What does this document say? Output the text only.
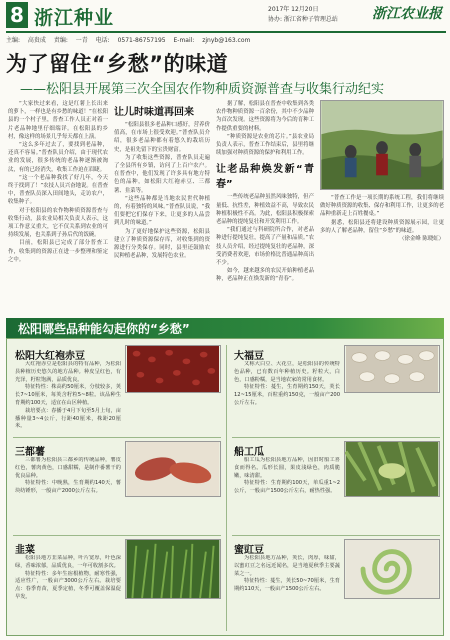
8 浙江种业	2017年 12月20日
协办: 浙江省种子管理总站 浙江农业报
主编: 高贵成 责编: 一青 电话: 0571-86757195 E-mail: zjnyb@163.com
为了留住“乡愁”的味道
——松阳县开展第三次全国农作物种质资源普查与收集行动纪实

“大家快过来看，这是红薯上长出来的萝卜，一样也是有乡愁的味道！”在松阳县的一个村子里，普查工作人员正对着一片老品种地里仔细端详。在松阳县的乡村，像这样的场景几乎每天都在上演。

“这么多年过去了，要找到老品种，还真不容易。”普查队员介绍，由于现代农业的发展，很多传统的老品种逐渐被淘汰，有的已经消失，收集工作迫在眉睫。

“这一个老品种我找了好几年，今天终于找到了！”农技人员兴奋地说。在普查中，普查队员深入田间地头，走访农户，收集种子。

对于松阳县的农作物种质资源普查与收集行动，县农业局相关负责人表示，这项工作意义重大，它不仅关系到农业的可持续发展，也关系到子孙后代的饭碗。

目前，松阳县已完成了部分普查工作，收集到的资源正在进一步整理和鉴定之中。

让儿时味道再回来

“松阳县很多老品种口感好，营养价值高，在市场上很受欢迎。”普查队员介绍，很多老品种都有着悠久的栽培历史，是祖先留下的宝贵财富。

为了收集这些资源，普查队员走遍了全县所有乡镇，访问了上百户农户。在普查中，他们发现了许多具有地方特色的品种，如松阳大红袍赤豆、三都薯、韭菜等。

“这些品种都是当地农民世代种植的，有着独特的风味。”普查队员说，“我们要把它们保存下来，让更多的人品尝到儿时的味道。”

为了更好地保护这些资源，松阳县建立了种质资源保存库，对收集到的资源进行分类保存。同时，县里还鼓励农民种植老品种，发展特色农业。

据了解，松阳县在普查中收集到各类农作物种质资源一百余份，其中不少品种为首次发现。这些资源将为今后的育种工作提供重要的材料。

“种质资源是农业的芯片。”县农业局负责人表示，普查工作结束后，县里将继续加强对种质资源的保护和利用工作。

让老品种焕发新“青春”

一些传统老品种虽然风味独特，但产量低、抗性差，种植效益不高，导致农民种植积极性不高。为此，松阳县积极探索老品种的提纯复壮和开发利用工作。

“我们通过与科研院所合作，对老品种进行提纯复壮，提高了产量和品质。”农技人员介绍，经过提纯复壮的老品种，深受消费者欢迎，市场价格比普通品种高出不少。

如今，越来越多的农民开始种植老品种，老品种正在焕发新的“青春”。

“普查工作是一项长期的系统工程，我们将继续做好种质资源的收集、保存和利用工作，让更多的老品种重新走上百姓餐桌。”

据悉，松阳县还将建设种质资源展示园，让更多的人了解老品种，留住“乡愁”的味道。

（徐金峰 陈晓虹）

松阳哪些品种能勾起你的“乡愁”
松阳大红袍赤豆

大红袍赤豆是松阳县的特有品种，为松阳县种植历史悠久的地方品种。种皮呈红色，有光泽，籽粒饱满，品质优良。

特征特性：株高约50厘米，分枝较多，荚长7~10厘米，每荚含籽粒5~8粒。该品种生育期约100天，适宜在山区种植。

栽培要点：春播于4月下旬至5月上旬，亩播种量3~4公斤，行距40厘米，株距20厘米。

大福豆

又称大白豆、大花豆，是松阳县的传统特色品种，已有数百年种植历史。籽粒大，白色，口感粉糯，是当地农家的常用食材。

特征特性：蔓生，生育期约150天，荚长12~15厘米，百粒重约150克，一般亩产200公斤左右。

三都薯

三都薯为松阳县三都乡的传统品种，薯皮红色，薯肉黄色，口感甜糯，是制作番薯干的优良品种。

特征特性：中晚熟，生育期约140天，薯块纺锤形，一般亩产2000公斤左右。

船工瓜

船工瓜为松阳县地方品种，因旧时船工喜食而得名。瓜形长圆，果皮浅绿色，肉质脆嫩，味清甜。

特征特性：生育期约100天，单瓜重1~2公斤，一般亩产1500公斤左右，耐热性强。

韭菜

松阳县地方韭菜品种，叶片宽厚，叶色深绿，香味浓郁，品质优良，一年可收割多次。

特征特性：多年生宿根植物，耐寒性强，适应性广，一般亩产3000公斤左右。栽培要点：春季育苗，夏季定植，冬季可覆盖保温促早发。

蜜豇豆

为松阳县地方品种，荚长，肉厚，味甜，以蜜豇豆之名远近闻名，是当地夏秋季主要蔬菜之一。

特征特性：蔓生，荚长50~70厘米，生育期约110天，一般亩产1500公斤左右。
